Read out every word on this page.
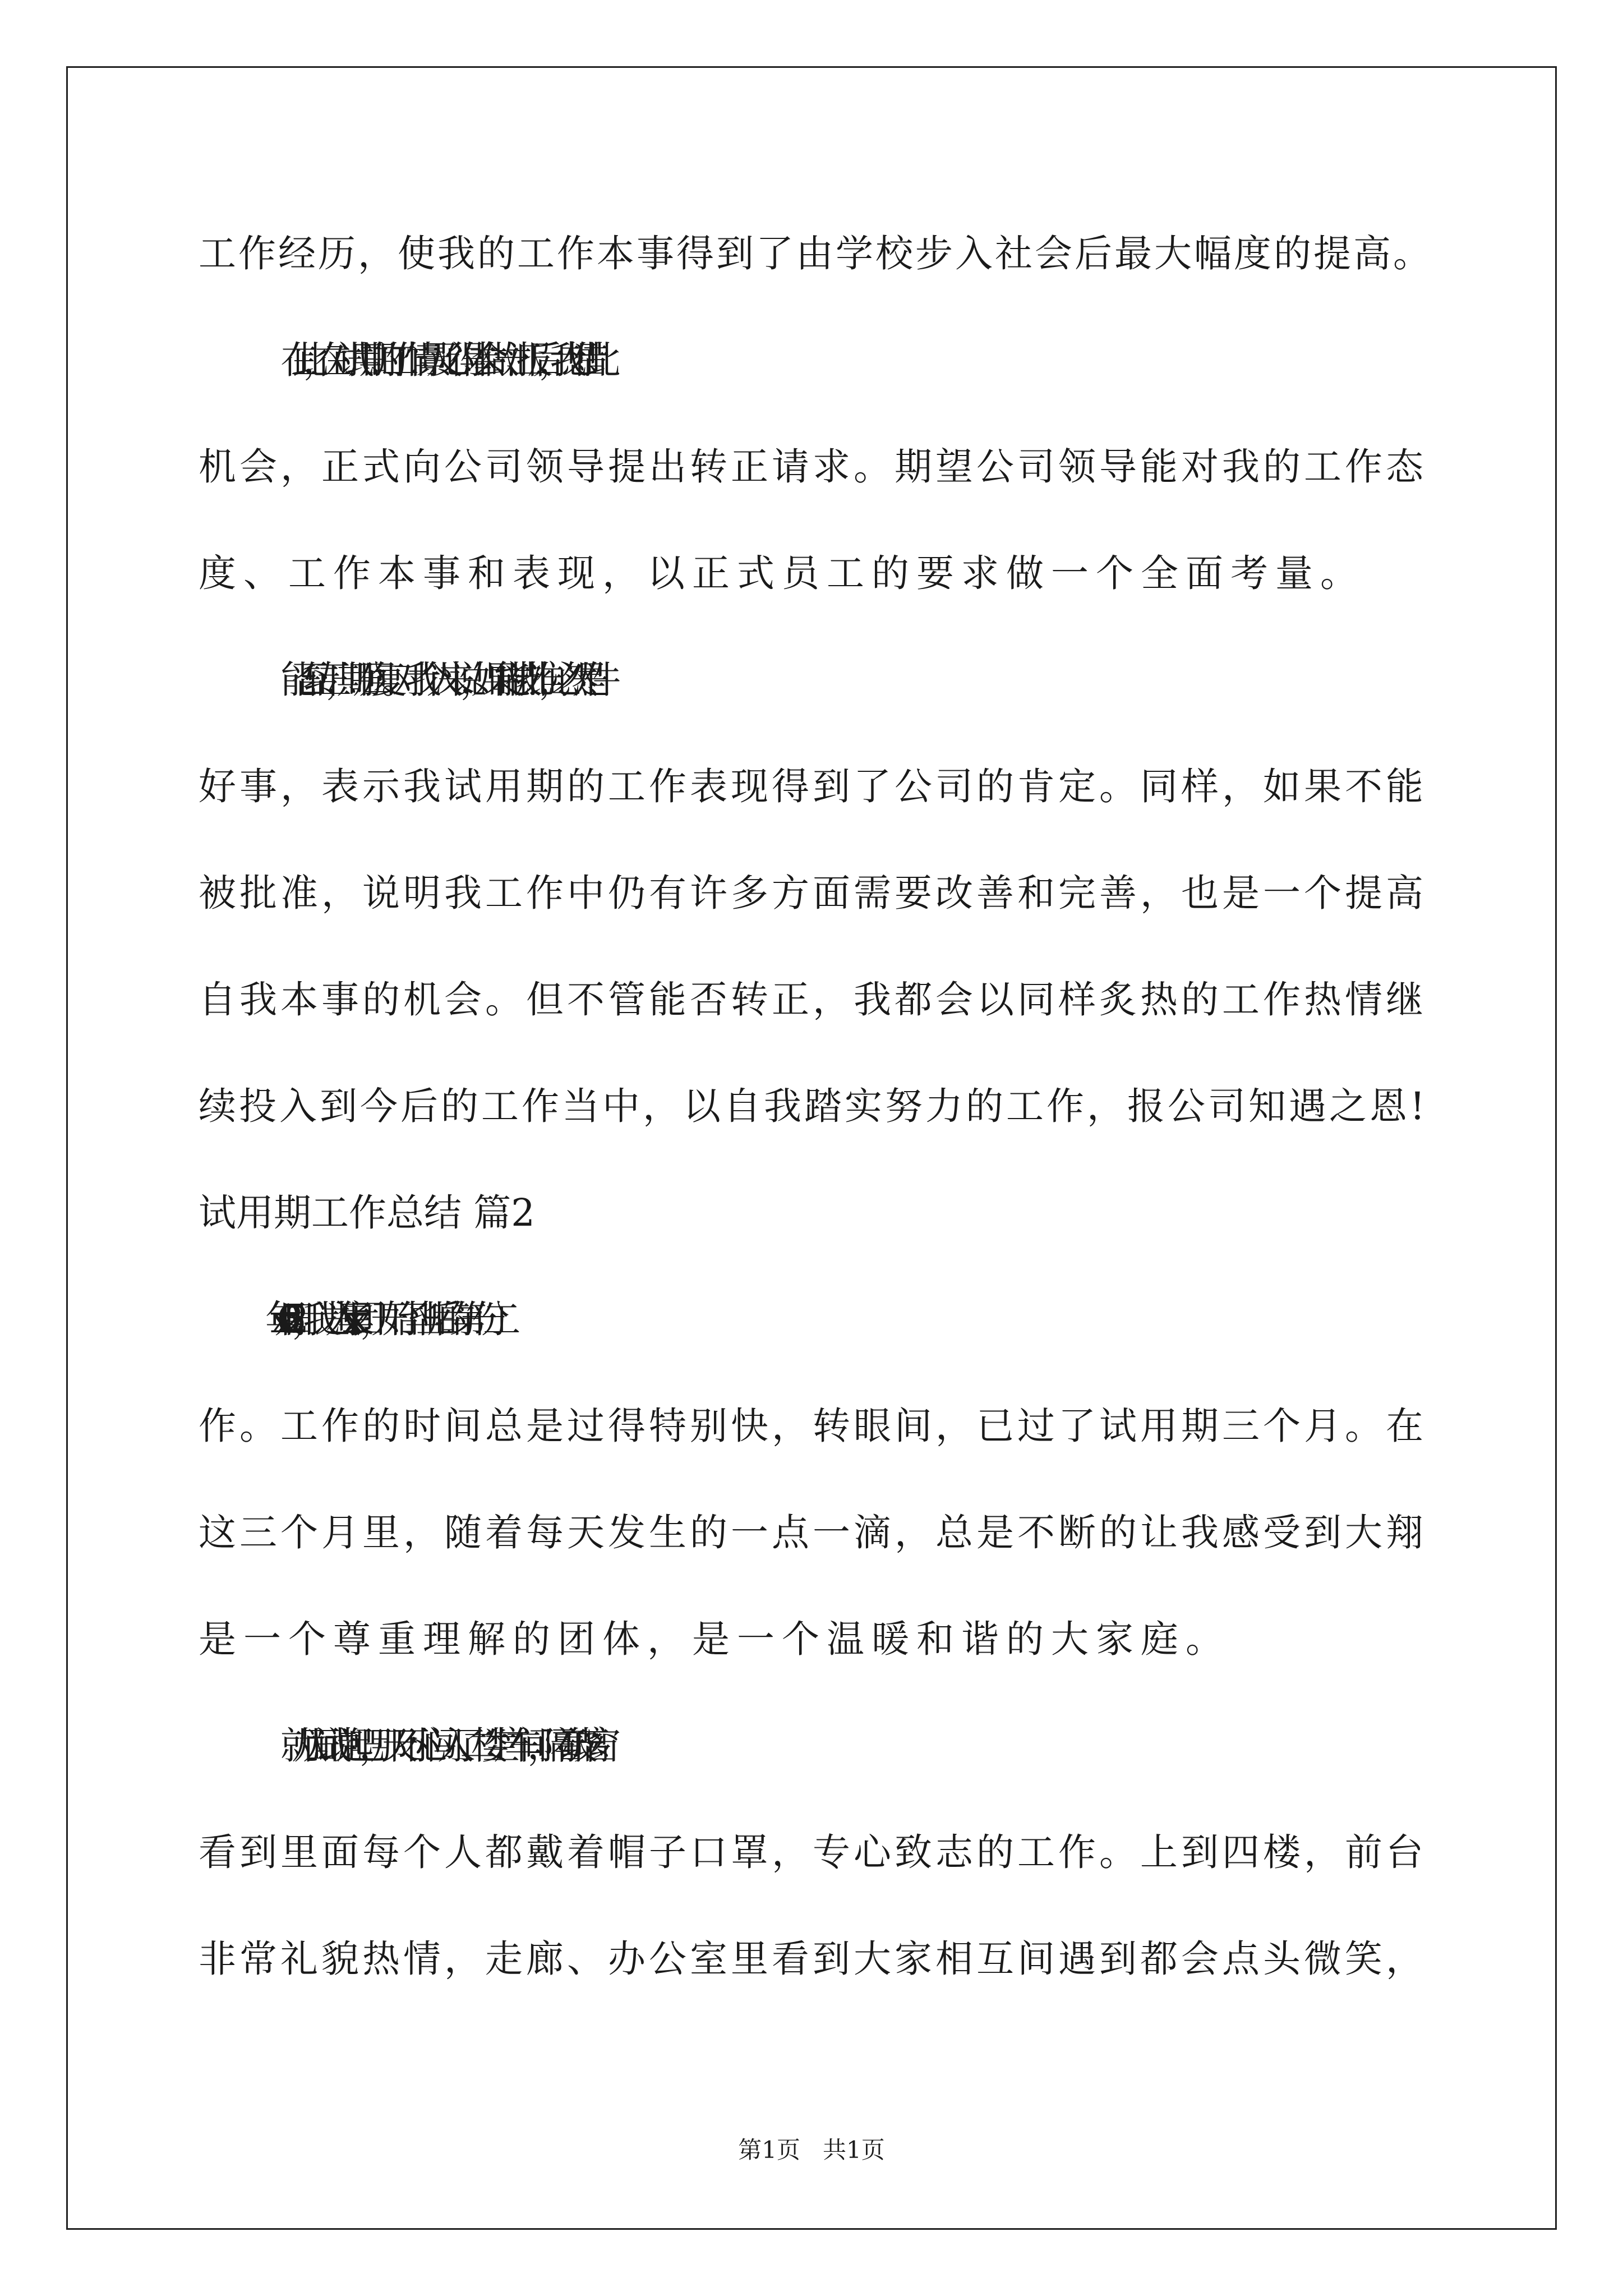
工作经历，使我的工作本事得到了由学校步入社会后最大幅度的提高。
在此，在对试用期的工作情景及心得体会做一汇报后，我想借此
机会，正式向公司领导提出转正请求。期望公司领导能对我的工作态
度、工作本事和表现，以正式员工的要求做一个全面考量。
能否转正，期盼回复。对我个人来说，如果能被批准，必然是件
好事，表示我试用期的工作表现得到了公司的肯定。同样，如果不能
被批准，说明我工作中仍有许多方面需要改善和完善，也是一个提高
自我本事的机会。但不管能否转正，我都会以同样炙热的工作热情继
续投入到今后的工作当中，以自我踏实努力的工作，报公司知遇之恩!
试用期工作总结 篇2
20xx年6月25日，我进入了xx集团，开始了毕业后的第一份工
作。工作的时间总是过得特别快，转眼间，已过了试用期三个月。在
这三个月里，随着每天发生的一点一滴，总是不断的让我感受到大翔
是一个尊重理解的团体，是一个温暖和谐的大家庭。
就从面试说起吧，那天不小心闯入了二楼生产车间，隔着玻璃窗
看到里面每个人都戴着帽子口罩，专心致志的工作。上到四楼，前台
非常礼貌热情，走廊、办公室里看到大家相互间遇到都会点头微笑，
第1页   共1页
